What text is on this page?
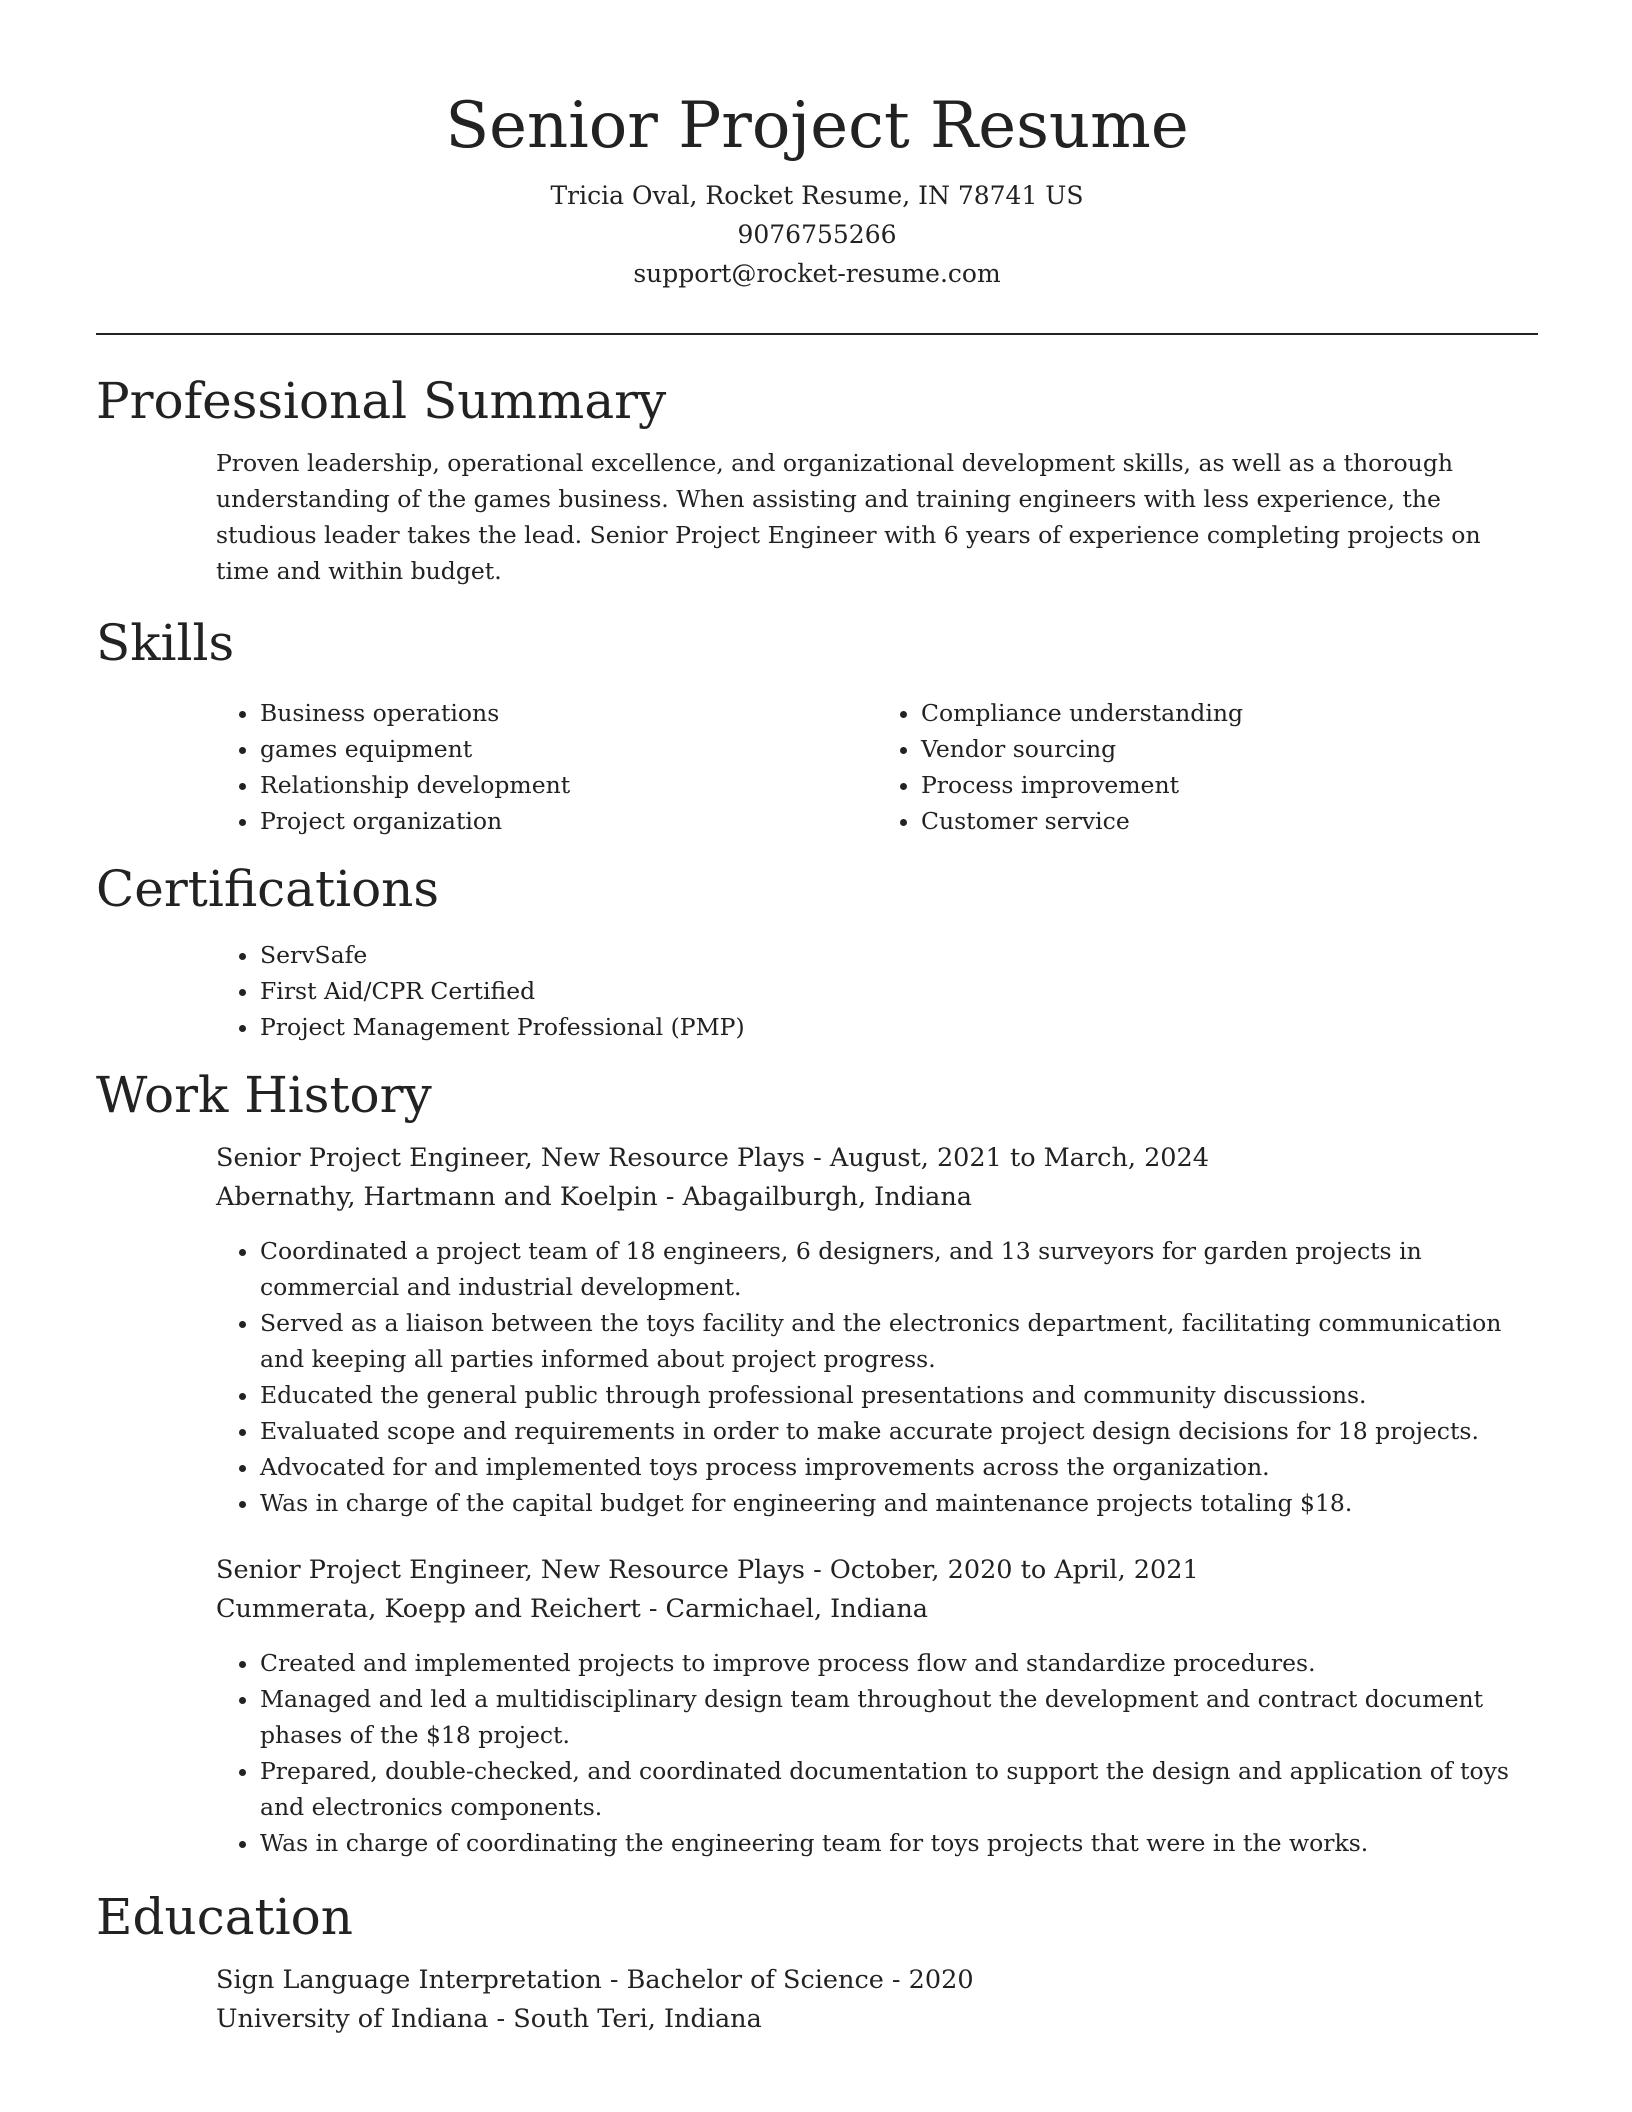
Senior Project Resume
Tricia Oval, Rocket Resume, IN 78741 US
9076755266
support@rocket-resume.com
Professional Summary

Proven leadership, operational excellence, and organizational development skills, as well as a thorough understanding of the games business. When assisting and training engineers with less experience, the studious leader takes the lead. Senior Project Engineer with 6 years of experience completing projects on time and within budget.

Skills
• Business operations
• games equipment
• Relationship development
• Project organization
• Compliance understanding
• Vendor sourcing
• Process improvement
• Customer service
Certifications
• ServSafe
• First Aid/CPR Certified
• Project Management Professional (PMP)
Work History
Senior Project Engineer, New Resource Plays - August, 2021 to March, 2024
Abernathy, Hartmann and Koelpin - Abagailburgh, Indiana
• Coordinated a project team of 18 engineers, 6 designers, and 13 surveyors for garden projects in commercial and industrial development.
• Served as a liaison between the toys facility and the electronics department, facilitating communication and keeping all parties informed about project progress.
• Educated the general public through professional presentations and community discussions.
• Evaluated scope and requirements in order to make accurate project design decisions for 18 projects.
• Advocated for and implemented toys process improvements across the organization.
• Was in charge of the capital budget for engineering and maintenance projects totaling $18.
Senior Project Engineer, New Resource Plays - October, 2020 to April, 2021
Cummerata, Koepp and Reichert - Carmichael, Indiana
• Created and implemented projects to improve process flow and standardize procedures.
• Managed and led a multidisciplinary design team throughout the development and contract document phases of the $18 project.
• Prepared, double-checked, and coordinated documentation to support the design and application of toys and electronics components.
• Was in charge of coordinating the engineering team for toys projects that were in the works.
Education
Sign Language Interpretation - Bachelor of Science - 2020
University of Indiana - South Teri, Indiana
